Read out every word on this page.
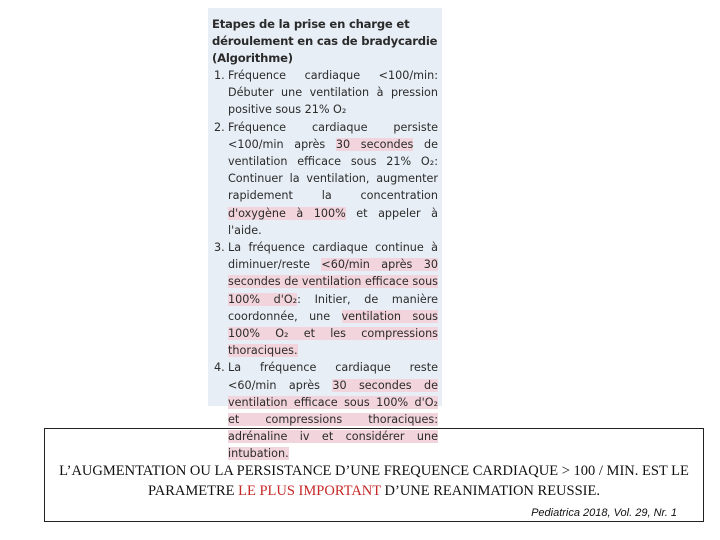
Etapes de la prise en charge et déroulement en cas de bradycardie (Algorithme)

1. Fréquence cardiaque <100/min: Débuter une ventilation à pression positive sous 21% O₂
2. Fréquence cardiaque persiste <100/min après 30 secondes de ventilation efficace sous 21% O₂: Continuer la ventilation, augmenter rapidement la concentration d'oxygène à 100% et appeler à l'aide.
3. La fréquence cardiaque continue à diminuer/reste <60/min après 30 secondes de ventilation efficace sous 100% d'O₂: Initier, de manière coordonnée, une ventilation sous 100% O₂ et les compressions thoraciques.
4. La fréquence cardiaque reste <60/min après 30 secondes de ventilation efficace sous 100% d'O₂ et compressions thoraciques: adrénaline iv et considérer une intubation.

L’AUGMENTATION OU LA PERSISTANCE D’UNE FREQUENCE CARDIAQUE > 100 / MIN. EST LE PARAMETRE LE PLUS IMPORTANT D’UNE REANIMATION REUSSIE.

Pediatrica 2018, Vol. 29, Nr. 1
